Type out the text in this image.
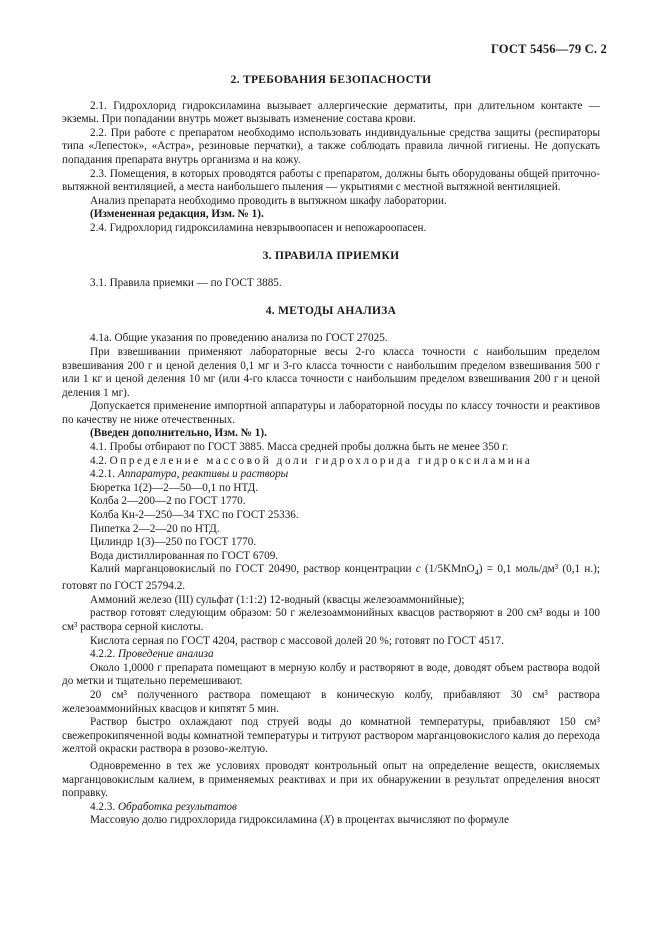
ГОСТ 5456—79 С. 2
2. ТРЕБОВАНИЯ БЕЗОПАСНОСТИ

2.1. Гидрохлорид гидроксиламина вызывает аллергические дерматиты, при длительном контакте — экземы. При попадании внутрь может вызывать изменение состава крови.

2.2. При работе с препаратом необходимо использовать индивидуальные средства защиты (респираторы типа «Лепесток», «Астра», резиновые перчатки), а также соблюдать правила личной гигиены. Не допускать попадания препарата внутрь организма и на кожу.

2.3. Помещения, в которых проводятся работы с препаратом, должны быть оборудованы общей приточно-вытяжной вентиляцией, а места наибольшего пыления — укрытиями с местной вытяжной вентиляцией.

Анализ препарата необходимо проводить в вытяжном шкафу лаборатории.

(Измененная редакция, Изм. № 1).

2.4. Гидрохлорид гидроксиламина невзрывоопасен и непожароопасен.

3. ПРАВИЛА ПРИЕМКИ

3.1. Правила приемки — по ГОСТ 3885.

4. МЕТОДЫ АНАЛИЗА

4.1а. Общие указания по проведению анализа по ГОСТ 27025.

При взвешивании применяют лабораторные весы 2-го класса точности с наибольшим пределом взвешивания 200 г и ценой деления 0,1 мг и 3-го класса точности с наибольшим пределом взвешивания 500 г или 1 кг и ценой деления 10 мг (или 4-го класса точности с наибольшим пределом взвешивания 200 г и ценой деления 1 мг).

Допускается применение импортной аппаратуры и лабораторной посуды по классу точности и реактивов по качеству не ниже отечественных.

(Введен дополнительно, Изм. № 1).

4.1. Пробы отбирают по ГОСТ 3885. Масса средней пробы должна быть не менее 350 г.

4.2. Определение массовой доли гидрохлорида гидроксиламина

4.2.1. Аппаратура, реактивы и растворы

Бюретка 1(2)—2—50—0,1 по НТД.

Колба 2—200—2 по ГОСТ 1770.

Колба Кн-2—250—34 ТХС по ГОСТ 25336.

Пипетка 2—2—20 по НТД.

Цилиндр 1(3)—250 по ГОСТ 1770.

Вода дистиллированная по ГОСТ 6709.

Калий марганцовокислый по ГОСТ 20490, раствор концентрации c (1/5KMnO$_4$) = 0,1 моль/дм³ (0,1 н.); готовят по ГОСТ 25794.2.

Аммоний железо (III) сульфат (1:1:2) 12-водный (квасцы железоаммонийные);

раствор готовят следующим образом: 50 г железоаммонийных квасцов растворяют в 200 см³ воды и 100 см³ раствора серной кислоты.

Кислота серная по ГОСТ 4204, раствор с массовой долей 20 %; готовят по ГОСТ 4517.

4.2.2. Проведение анализа

Около 1,0000 г препарата помещают в мерную колбу и растворяют в воде, доводят объем раствора водой до метки и тщательно перемешивают.

20 см³ полученного раствора помещают в коническую колбу, прибавляют 30 см³ раствора железоаммонийных квасцов и кипятят 5 мин.

Раствор быстро охлаждают под струей воды до комнатной температуры, прибавляют 150 см³ свежепрокипяченной воды комнатной температуры и титруют раствором марганцовокислого калия до перехода желтой окраски раствора в розово-желтую.

Одновременно в тех же условиях проводят контрольный опыт на определение веществ, окисляемых марганцовокислым калием, в применяемых реактивах и при их обнаружении в результат определения вносят поправку.

4.2.3. Обработка результатов

Массовую долю гидрохлорида гидроксиламина (X) в процентах вычисляют по формуле
